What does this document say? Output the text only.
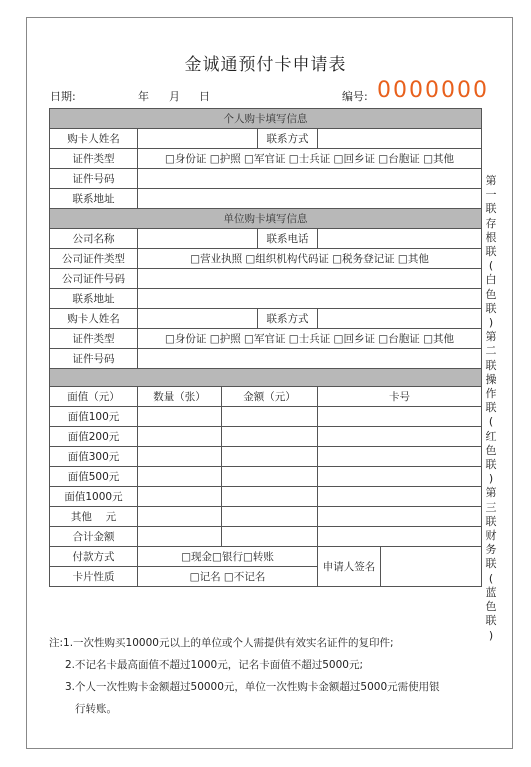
金诚通预付卡申请表
日期:	年 月 日	编号: 0000000
个人购卡填写信息				
购卡人姓名			联系方式	
证件类型	□身份证 □护照 □军官证 □士兵证 □回乡证 □台胞证 □其他			
证件号码				
联系地址				
单位购卡填写信息				
公司名称			联系电话	
公司证件类型	□营业执照 □组织机构代码证 □税务登记证 □其他			
公司证件号码				
联系地址				
购卡人姓名			联系方式	
证件类型	□身份证 □护照 □军官证 □士兵证 □回乡证 □台胞证 □其他			
证件号码				

面值（元）	数量（张）	金额（元）		卡号
面值100元				
面值200元				
面值300元				
面值500元				
面值1000元				
其他　 元				
合计金额				
付款方式	□现金□银行□转账			申请人签名

卡片性质	□记名 □不记名			
第
一
联
存
根
联
(
白
色
联
)
第
二
联
操
作
联
(
红
色
联
)
第
三
联
财
务
联
(
蓝
色
联
)
注:1.一次性购买10000元以上的单位或个人需提供有效实名证件的复印件;
2.不记名卡最高面值不超过1000元，记名卡面值不超过5000元;
3.个人一次性购卡金额超过50000元，单位一次性购卡金额超过5000元需使用银
行转账。
